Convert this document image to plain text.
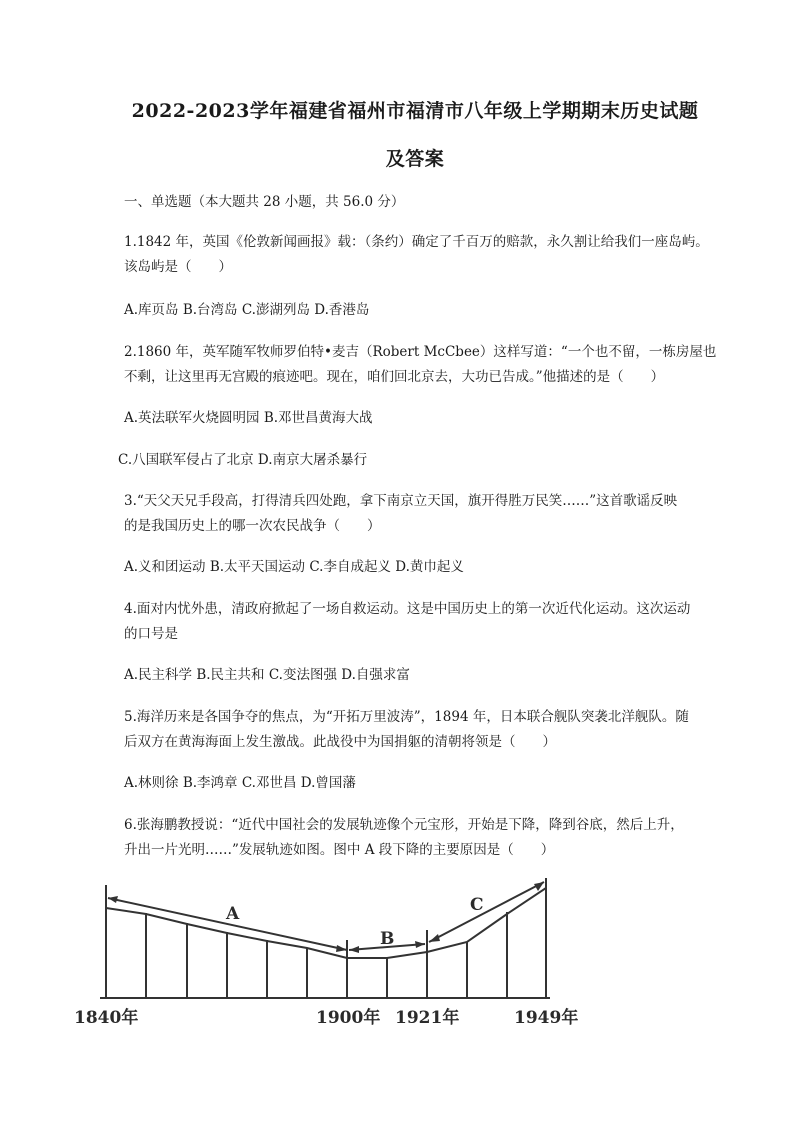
2022-2023学年福建省福州市福清市八年级上学期期末历史试题
及答案
一、单选题（本大题共 28 小题，共 56.0 分）
1.1842 年，英国《伦敦新闻画报》载：（条约）确定了千百万的赔款，永久割让给我们一座岛屿。
该岛屿是（　　）
A.库页岛 B.台湾岛 C.澎湖列岛 D.香港岛
2.1860 年，英军随军牧师罗伯特•麦吉（Robert McCbee）这样写道：“一个也不留，一栋房屋也
不剩，让这里再无宫殿的痕迹吧。现在，咱们回北京去，大功已告成。”他描述的是（　　）
A.英法联军火烧圆明园 B.邓世昌黄海大战
C.八国联军侵占了北京 D.南京大屠杀暴行
3.“天父天兄手段高，打得清兵四处跑，拿下南京立天国，旗开得胜万民笑……”这首歌谣反映
的是我国历史上的哪一次农民战争（　　）
A.义和团运动 B.太平天国运动 C.李自成起义 D.黄巾起义
4.面对内忧外患，清政府掀起了一场自救运动。这是中国历史上的第一次近代化运动。这次运动
的口号是
A.民主科学 B.民主共和 C.变法图强 D.自强求富
5.海洋历来是各国争夺的焦点，为“开拓万里波涛”，1894 年，日本联合舰队突袭北洋舰队。随
后双方在黄海海面上发生激战。此战役中为国捐躯的清朝将领是（　　）
A.林则徐 B.李鸿章 C.邓世昌 D.曾国藩
6.张海鹏教授说：“近代中国社会的发展轨迹像个元宝形，开始是下降，降到谷底，然后上升，
升出一片光明……”发展轨迹如图。图中 A 段下降的主要原因是（　　）
A
B
C
1840年	1900年 1921年	1949年
